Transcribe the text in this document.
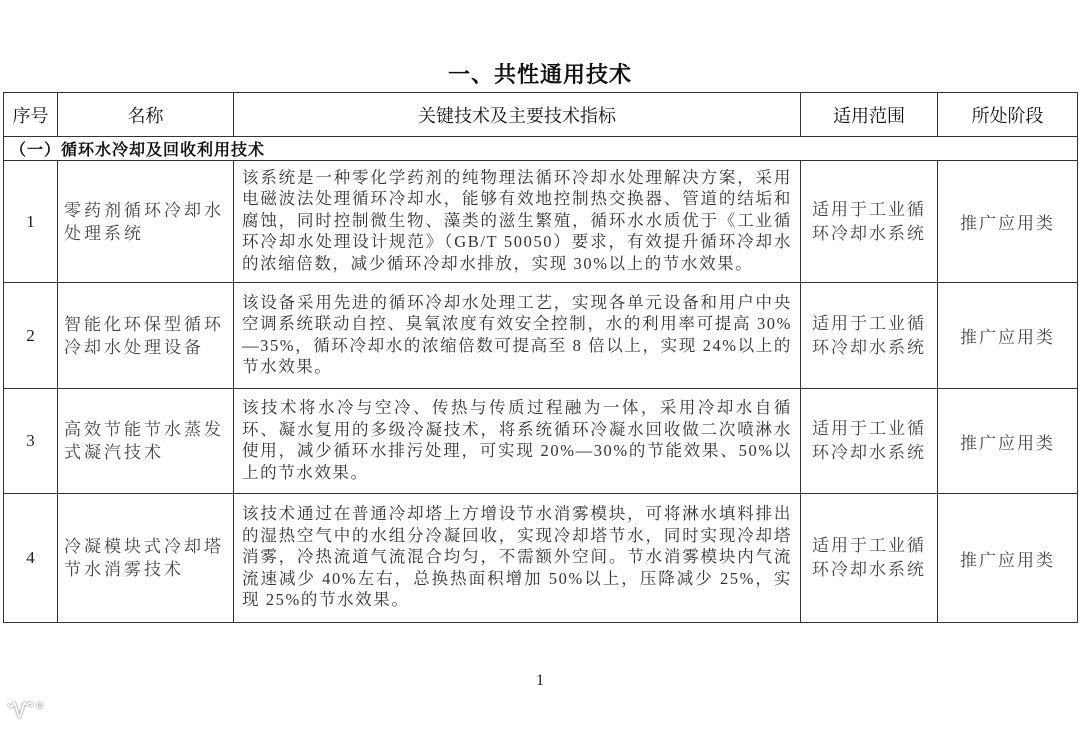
一、共性通用技术
序号	名称	关键技术及主要技术指标	适用范围	所处阶段
（一）循环水冷却及回收利用技术				
1	零药剂循环冷却水处理系统	该系统是一种零化学药剂的纯物理法循环冷却水处理解决方案，采用电磁波法处理循环冷却水，能够有效地控制热交换器、管道的结垢和腐蚀，同时控制微生物、藻类的滋生繁殖，循环水水质优于《工业循环冷却水处理设计规范》（GB/T 50050）要求，有效提升循环冷却水的浓缩倍数，减少循环冷却水排放，实现 30%以上的节水效果。	适用于工业循环冷却水系统	推广应用类
2	智能化环保型循环冷却水处理设备	该设备采用先进的循环冷却水处理工艺，实现各单元设备和用户中央空调系统联动自控、臭氧浓度有效安全控制，水的利用率可提高 30%—35%，循环冷却水的浓缩倍数可提高至 8 倍以上，实现 24%以上的节水效果。	适用于工业循环冷却水系统	推广应用类
3	高效节能节水蒸发式凝汽技术	该技术将水冷与空冷、传热与传质过程融为一体，采用冷却水自循环、凝水复用的多级冷凝技术，将系统循环冷凝水回收做二次喷淋水使用，减少循环水排污处理，可实现 20%—30%的节能效果、50%以上的节水效果。	适用于工业循环冷却水系统	推广应用类
4	冷凝模块式冷却塔节水消雾技术	该技术通过在普通冷却塔上方增设节水消雾模块，可将淋水填料排出的湿热空气中的水组分冷凝回收，实现冷却塔节水，同时实现冷却塔消雾，冷热流道气流混合均匀，不需额外空间。节水消雾模块内气流流速减少 40%左右，总换热面积增加 50%以上，压降减少 25%，实现 25%的节水效果。	适用于工业循环冷却水系统	推广应用类
1
Ꮙ°
